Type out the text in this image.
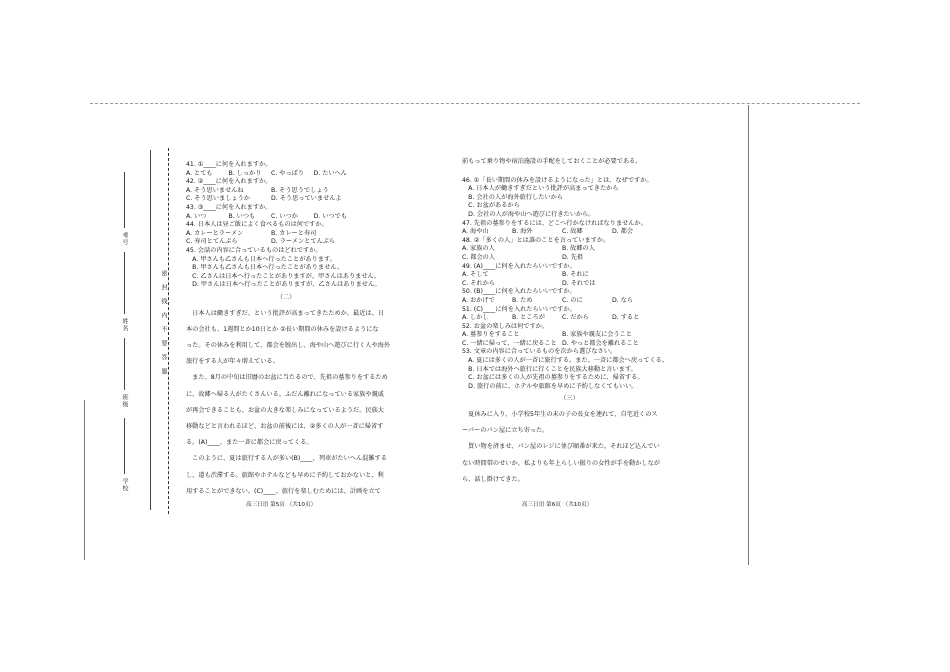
考号
姓名
班级
学校
密封线内不要答题
41. ①____に何を入れますか。
A. とても	B. しっかり C. やっぱり D. たいへん
42. ②____に何を入れますか。
A. そう思いませんね	B. そう思うでしょう
C. そう思いましょうか	D. そう思っていませんよ
43. ③____に何を入れますか。
A. いつ	B. いつも	C. いつか	D. いつでも
44. 日本人は昼ご飯によく食べるものは何ですか。
A. カレーとラーメン	B. カレーと寿司
C. 寿司とてんぷら	D. ラーメンとてんぷら
45. 会話の内容に合っているものはどれですか。
　A. 甲さんも乙さんも日本へ行ったことがあります。
　B. 甲さんも乙さんも日本へ行ったことがありません。
　C. 乙さんは日本へ行ったことがありますが、甲さんはありません。
　D. 甲さんは日本へ行ったことがありますが、乙さんはありません。
（二）
　日本人は働きすぎだ、という批評が高まってきたためか、最近は、日
本の会社も、1週間とか10日とか ①長い期間の休みを設けるようにな
った。その休みを利用して、都会を脱出し、海や山へ遊びに行く人や海外
旅行をする人が年々増えている。
　また、8月の中旬は旧暦のお盆に当たるので、先祖の墓参りをするため
に、故郷へ帰る人がたくさんいる。ふだん離れになっている家族や親戚
が再会できることも、お盆の大きな楽しみになっているようだ。民族大
移動などと言われるほど、お盆の前後には、②多くの人が一斉に帰省す
る。(A)____、また一斉に都会に戻ってくる。
　このように、夏は旅行する人が多い(B)____、列車がたいへん混雑する
し、道も渋滞する。旅館やホテルなども早めに予約しておかないと、利
用することができない。(C)____、旅行を楽しむためには、計画を立て
高三日语 第5页 （共10页）
前もって乗り物や宿泊施設の手配をしておくことが必要である。
46. ①「長い期間の休みを設けるようになった」とは、なぜですか。
　A. 日本人が働きすぎだという批評が高まってきたから
　B. 会社の人が海外旅行したいから
　C. お盆があるから
　D. 会社の人が海や山へ遊びに行きたいから。
47. 先祖の墓参りをするには、どこへ行かなければなりませんか。
A. 海や山	B. 海外	C. 故郷	D. 都会
48. ②「多くの人」とは誰のことを言っていますか。
A. 家族の人	B. 故郷の人
C. 都会の人	D. 先祖
49. (A)____に何を入れたらいいですか。
A. そして	B. それに
C. それから	D. それでは
50. (B)____に何を入れたらいいですか。
A. おかげで	B. ため	C. のに	D. なら
51. (C)____に何を入れたらいいですか。
A. しかし	B. ところが	C. だから	D. すると
52. お盆の楽しみは何ですか。
A. 墓参りをすること	B. 家族や親友に会うこと
C. 一緒に帰って、一緒に戻ること D. やっと都会を離れること
53. 文章の内容に合っているものを次から選びなさい。
　A. 夏には多くの人が一斉に旅行する。また、一斉に都会へ戻ってくる。
　B. 日本では海外へ旅行に行くことを民族大移動と言います。
　C. お盆には多くの人が先祖の墓参りをするために、帰省する。
　D. 旅行の前に、ホテルや旅館を早めに予約しなくてもいい。
（三）
　夏休みに入り、小学校5年生の末の子の長女を連れて、自宅近くのス
ーパーのパン屋に立ち寄った。
　買い物を済ませ、パン屋のレジに並び順番が来た。それほど込んでい
ない時間帯のせいか、私よりも年上らしい振りの女性が手を動かしなが
ら、話し掛けてきた。
高三日语 第6页 （共10页）
